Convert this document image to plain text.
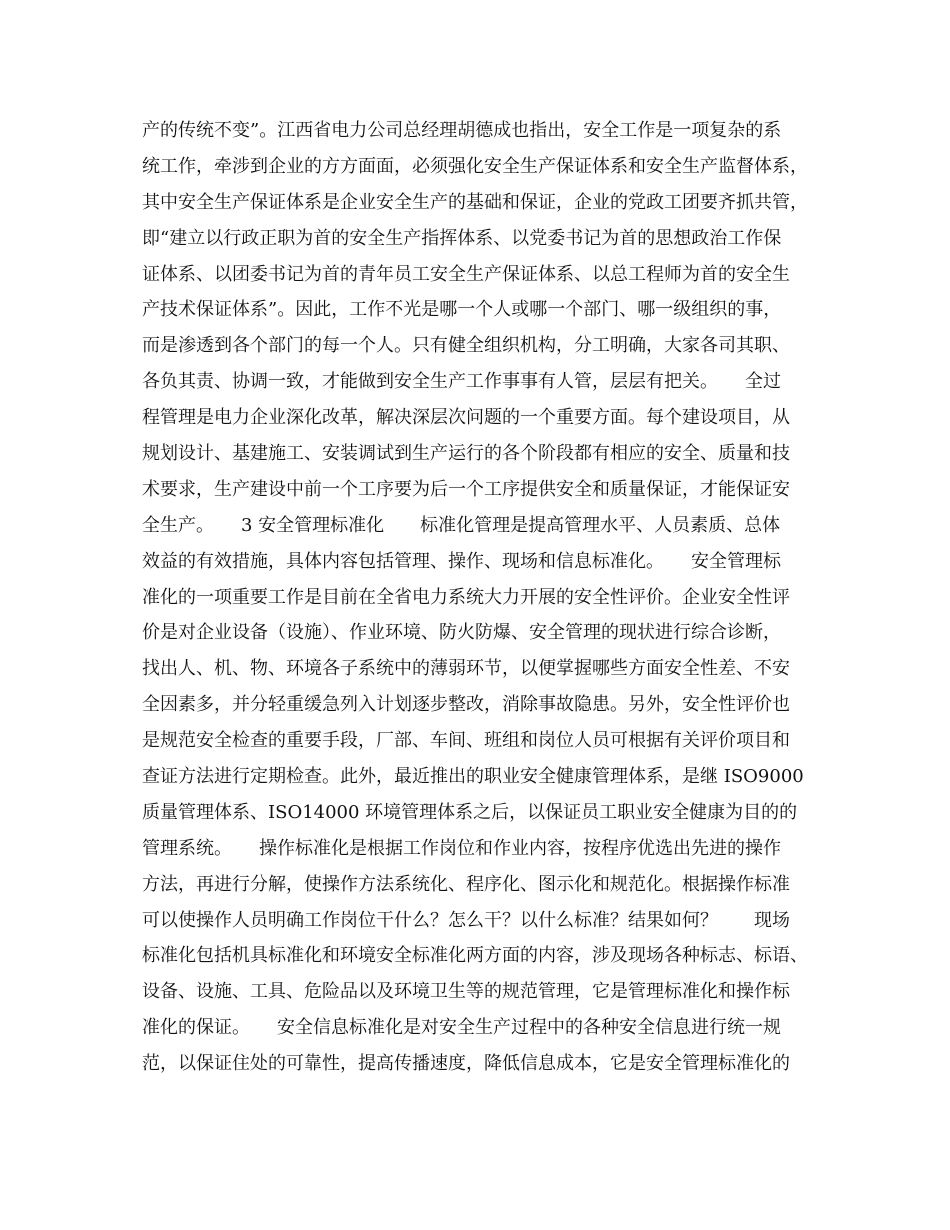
产的传统不变”。江西省电力公司总经理胡德成也指出，安全工作是一项复杂的系
统工作，牵涉到企业的方方面面，必须强化安全生产保证体系和安全生产监督体系，
其中安全生产保证体系是企业安全生产的基础和保证，企业的党政工团要齐抓共管，
即“建立以行政正职为首的安全生产指挥体系、以党委书记为首的思想政治工作保
证体系、以团委书记为首的青年员工安全生产保证体系、以总工程师为首的安全生
产技术保证体系”。因此，工作不光是哪一个人或哪一个部门、哪一级组织的事，
而是渗透到各个部门的每一个人。只有健全组织机构，分工明确，大家各司其职、
各负其责、协调一致，才能做到安全生产工作事事有人管，层层有把关。　　全过
程管理是电力企业深化改革，解决深层次问题的一个重要方面。每个建设项目，从
规划设计、基建施工、安装调试到生产运行的各个阶段都有相应的安全、质量和技
术要求，生产建设中前一个工序要为后一个工序提供安全和质量保证，才能保证安
全生产。　　3 安全管理标准化　　标准化管理是提高管理水平、人员素质、总体
效益的有效措施，具体内容包括管理、操作、现场和信息标准化。　　安全管理标
准化的一项重要工作是目前在全省电力系统大力开展的安全性评价。企业安全性评
价是对企业设备（设施）、作业环境、防火防爆、安全管理的现状进行综合诊断，
找出人、机、物、环境各子系统中的薄弱环节，以便掌握哪些方面安全性差、不安
全因素多，并分轻重缓急列入计划逐步整改，消除事故隐患。另外，安全性评价也
是规范安全检查的重要手段，厂部、车间、班组和岗位人员可根据有关评价项目和
查证方法进行定期检查。此外，最近推出的职业安全健康管理体系，是继 ISO9000
质量管理体系、ISO14000 环境管理体系之后，以保证员工职业安全健康为目的的
管理系统。　　操作标准化是根据工作岗位和作业内容，按程序优选出先进的操作
方法，再进行分解，使操作方法系统化、程序化、图示化和规范化。根据操作标准
可以使操作人员明确工作岗位干什么？怎么干？以什么标准？结果如何？　　现场
标准化包括机具标准化和环境安全标准化两方面的内容，涉及现场各种标志、标语、
设备、设施、工具、危险品以及环境卫生等的规范管理，它是管理标准化和操作标
准化的保证。　　安全信息标准化是对安全生产过程中的各种安全信息进行统一规
范，以保证住处的可靠性，提高传播速度，降低信息成本，它是安全管理标准化的
